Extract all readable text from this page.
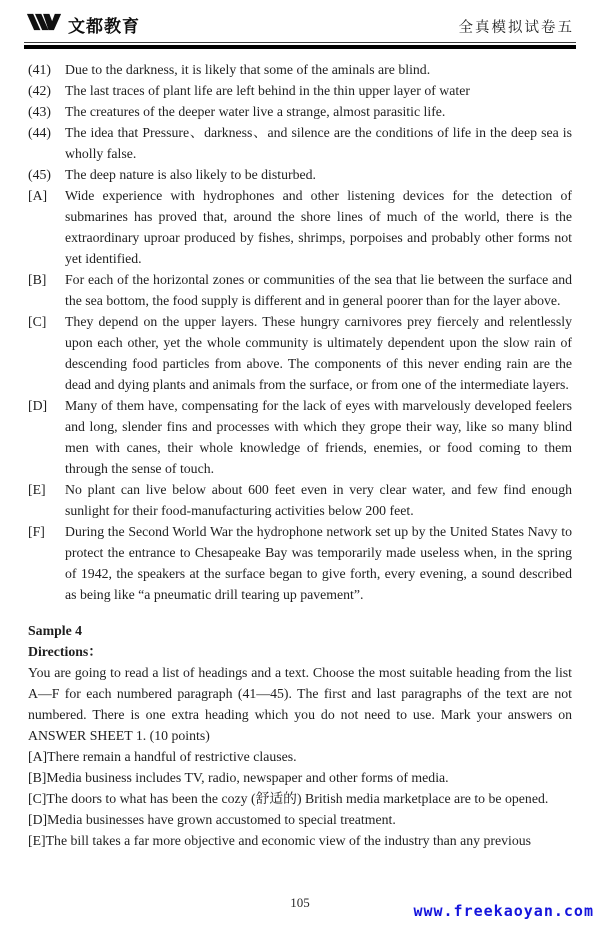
文都教育	全真模拟试卷五

(41) Due to the darkness, it is likely that some of the aminals are blind.

(42) The last traces of plant life are left behind in the thin upper layer of water

(43) The creatures of the deeper water live a strange, almost parasitic life.

(44) The idea that Pressure、darkness、and silence are the conditions of life in the deep sea is wholly false.

(45) The deep nature is also likely to be disturbed.

[A] Wide experience with hydrophones and other listening devices for the detection of submarines has proved that, around the shore lines of much of the world, there is the extraordinary uproar produced by fishes, shrimps, porpoises and probably other forms not yet identified.

[B] For each of the horizontal zones or communities of the sea that lie between the surface and the sea bottom, the food supply is different and in general poorer than for the layer above.

[C] They depend on the upper layers. These hungry carnivores prey fiercely and relentlessly upon each other, yet the whole community is ultimately dependent upon the slow rain of descending food particles from above. The components of this never ending rain are the dead and dying plants and animals from the surface, or from one of the intermediate layers.

[D] Many of them have, compensating for the lack of eyes with marvelously developed feelers and long, slender fins and processes with which they grope their way, like so many blind men with canes, their whole knowledge of friends, enemies, or food coming to them through the sense of touch.

[E] No plant can live below about 600 feet even in very clear water, and few find enough sunlight for their food-manufacturing activities below 200 feet.

[F] During the Second World War the hydrophone network set up by the United States Navy to protect the entrance to Chesapeake Bay was temporarily made useless when, in the spring of 1942, the speakers at the surface began to give forth, every evening, a sound described as being like “a pneumatic drill tearing up pavement”.

Sample 4

Directions：

You are going to read a list of headings and a text. Choose the most suitable heading from the list A—F for each numbered paragraph (41—45). The first and last paragraphs of the text are not numbered. There is one extra heading which you do not need to use. Mark your answers on ANSWER SHEET 1. (10 points)

[A]There remain a handful of restrictive clauses.

[B]Media business includes TV, radio, newspaper and other forms of media.

[C]The doors to what has been the cozy (舒适的) British media marketplace are to be opened.

[D]Media businesses have grown accustomed to special treatment.

[E]The bill takes a far more objective and economic view of the industry than any previous

105	www.freekaoyan.com
